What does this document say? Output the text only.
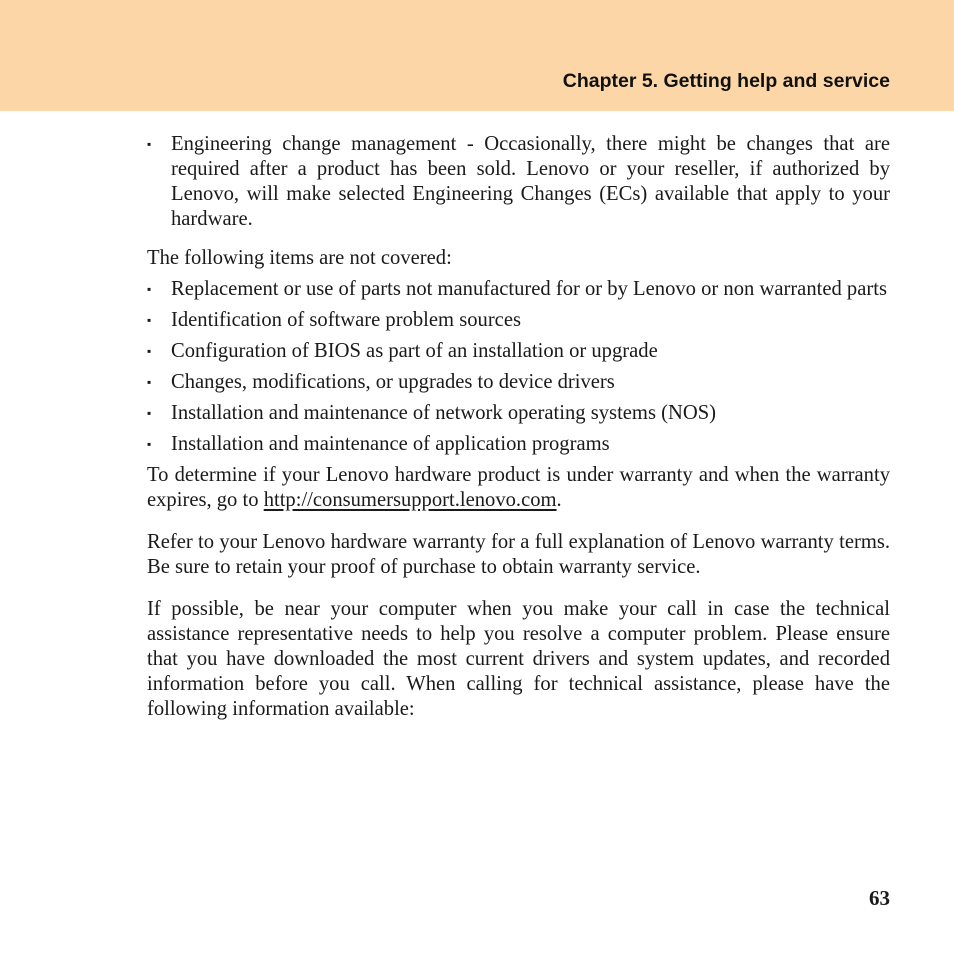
Chapter 5. Getting help and service

▪ Engineering change management - Occasionally, there might be changes that are required after a product has been sold. Lenovo or your reseller, if authorized by Lenovo, will make selected Engineering Changes (ECs) available that apply to your hardware.

The following items are not covered:

▪ Replacement or use of parts not manufactured for or by Lenovo or non warranted parts

▪ Identification of software problem sources

▪ Configuration of BIOS as part of an installation or upgrade

▪ Changes, modifications, or upgrades to device drivers

▪ Installation and maintenance of network operating systems (NOS)

▪ Installation and maintenance of application programs

To determine if your Lenovo hardware product is under warranty and when the warranty expires, go to http://consumersupport.lenovo.com.

Refer to your Lenovo hardware warranty for a full explanation of Lenovo warranty terms. Be sure to retain your proof of purchase to obtain warranty service.

If possible, be near your computer when you make your call in case the technical assistance representative needs to help you resolve a computer problem. Please ensure that you have downloaded the most current drivers and system updates, and recorded information before you call. When calling for technical assistance, please have the following information available:

63
